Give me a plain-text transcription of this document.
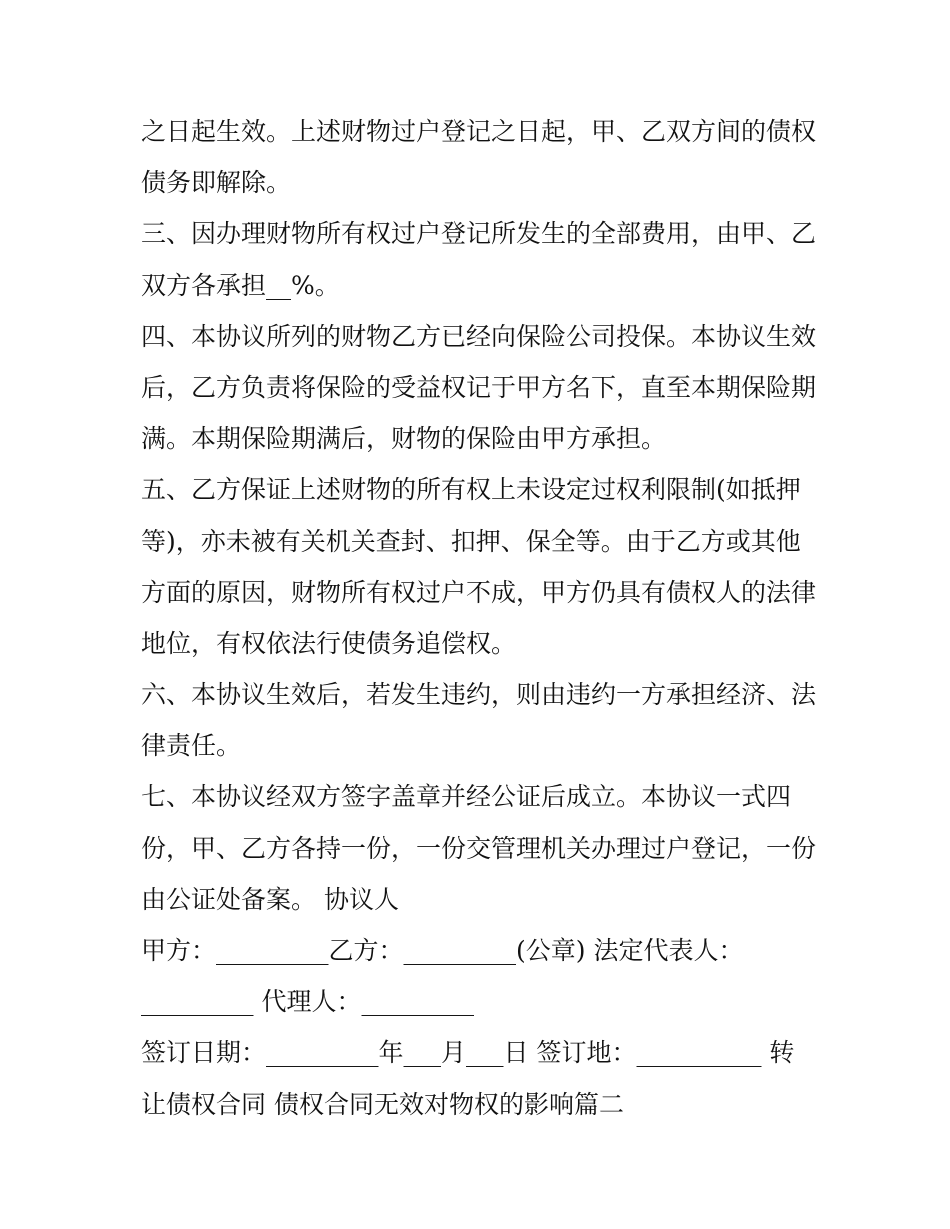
之日起生效。上述财物过户登记之日起，甲、乙双方间的债权
债务即解除。
三、因办理财物所有权过户登记所发生的全部费用，由甲、乙
双方各承担__%。
四、本协议所列的财物乙方已经向保险公司投保。本协议生效
后，乙方负责将保险的受益权记于甲方名下，直至本期保险期
满。本期保险期满后，财物的保险由甲方承担。
五、乙方保证上述财物的所有权上未设定过权利限制(如抵押
等)，亦未被有关机关查封、扣押、保全等。由于乙方或其他
方面的原因，财物所有权过户不成，甲方仍具有债权人的法律
地位，有权依法行使债务追偿权。
六、本协议生效后，若发生违约，则由违约一方承担经济、法
律责任。
七、本协议经双方签字盖章并经公证后成立。本协议一式四
份，甲、乙方各持一份，一份交管理机关办理过户登记，一份
由公证处备案。 协议人
甲方：_________乙方：_________(公章) 法定代表人：
_________ 代理人：_________
签订日期：_________年___月___日 签订地：__________ 转
让债权合同 债权合同无效对物权的影响篇二
